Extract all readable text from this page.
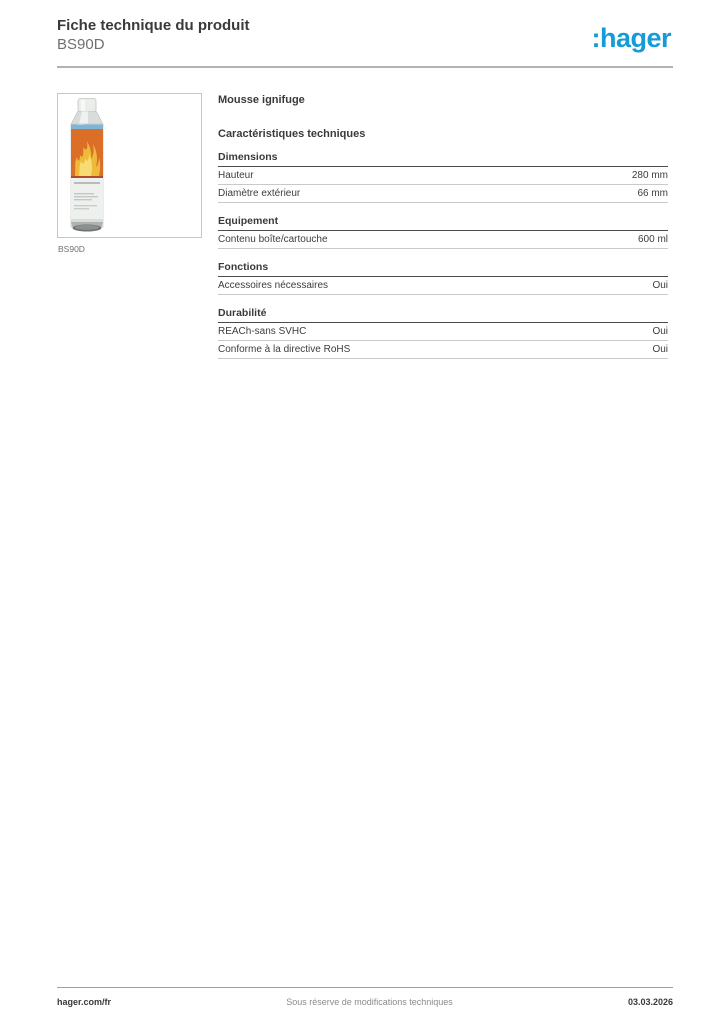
Fiche technique du produit
BS90D	:hager
BS90D
Mousse ignifuge
Caractéristiques techniques
Dimensions
Hauteur	280 mm
Diamètre extérieur	66 mm
Equipement
Contenu boîte/cartouche	600 ml
Fonctions
Accessoires nécessaires	Oui
Durabilité
REACh-sans SVHC	Oui
Conforme à la directive RoHS	Oui
hager.com/fr	Sous réserve de modifications techniques	03.03.2026
